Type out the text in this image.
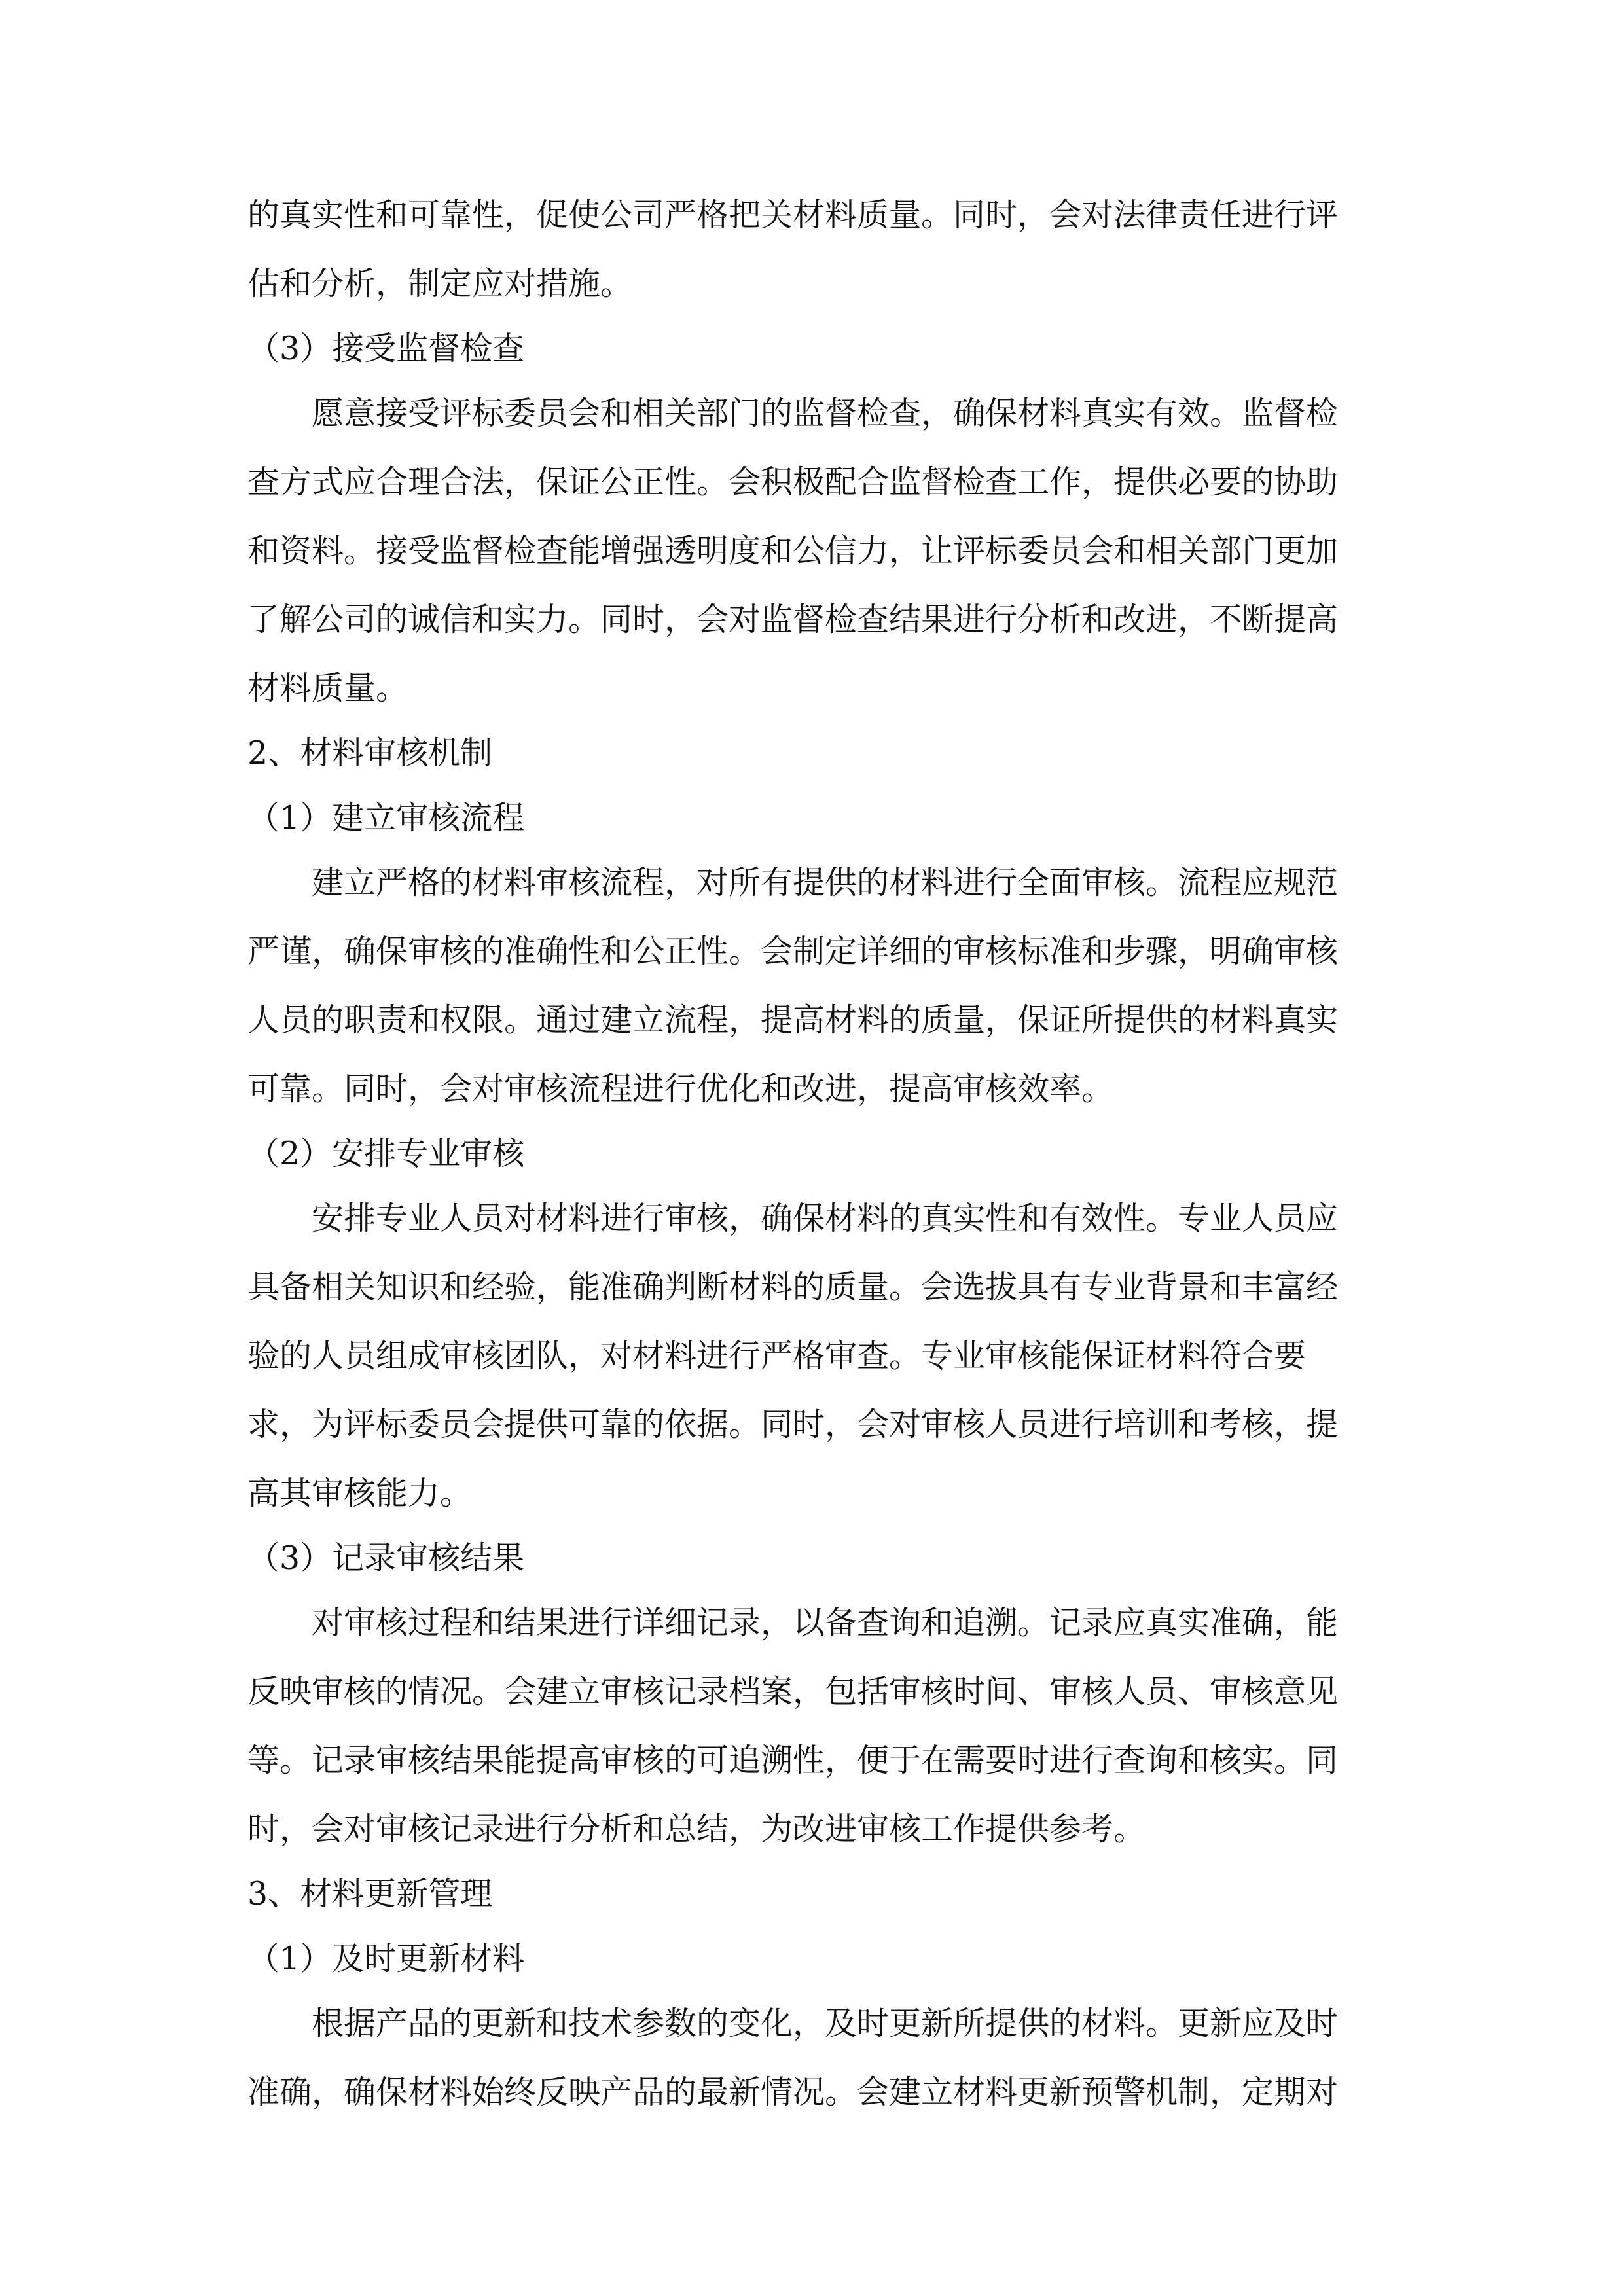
的真实性和可靠性，促使公司严格把关材料质量。同时，会对法律责任进行评
估和分析，制定应对措施。
（3）接受监督检查
愿意接受评标委员会和相关部门的监督检查，确保材料真实有效。监督检
查方式应合理合法，保证公正性。会积极配合监督检查工作，提供必要的协助
和资料。接受监督检查能增强透明度和公信力，让评标委员会和相关部门更加
了解公司的诚信和实力。同时，会对监督检查结果进行分析和改进，不断提高
材料质量。
2、材料审核机制
（1）建立审核流程
建立严格的材料审核流程，对所有提供的材料进行全面审核。流程应规范
严谨，确保审核的准确性和公正性。会制定详细的审核标准和步骤，明确审核
人员的职责和权限。通过建立流程，提高材料的质量，保证所提供的材料真实
可靠。同时，会对审核流程进行优化和改进，提高审核效率。
（2）安排专业审核
安排专业人员对材料进行审核，确保材料的真实性和有效性。专业人员应
具备相关知识和经验，能准确判断材料的质量。会选拔具有专业背景和丰富经
验的人员组成审核团队，对材料进行严格审查。专业审核能保证材料符合要
求，为评标委员会提供可靠的依据。同时，会对审核人员进行培训和考核，提
高其审核能力。
（3）记录审核结果
对审核过程和结果进行详细记录，以备查询和追溯。记录应真实准确，能
反映审核的情况。会建立审核记录档案，包括审核时间、审核人员、审核意见
等。记录审核结果能提高审核的可追溯性，便于在需要时进行查询和核实。同
时，会对审核记录进行分析和总结，为改进审核工作提供参考。
3、材料更新管理
（1）及时更新材料
根据产品的更新和技术参数的变化，及时更新所提供的材料。更新应及时
准确，确保材料始终反映产品的最新情况。会建立材料更新预警机制，定期对
